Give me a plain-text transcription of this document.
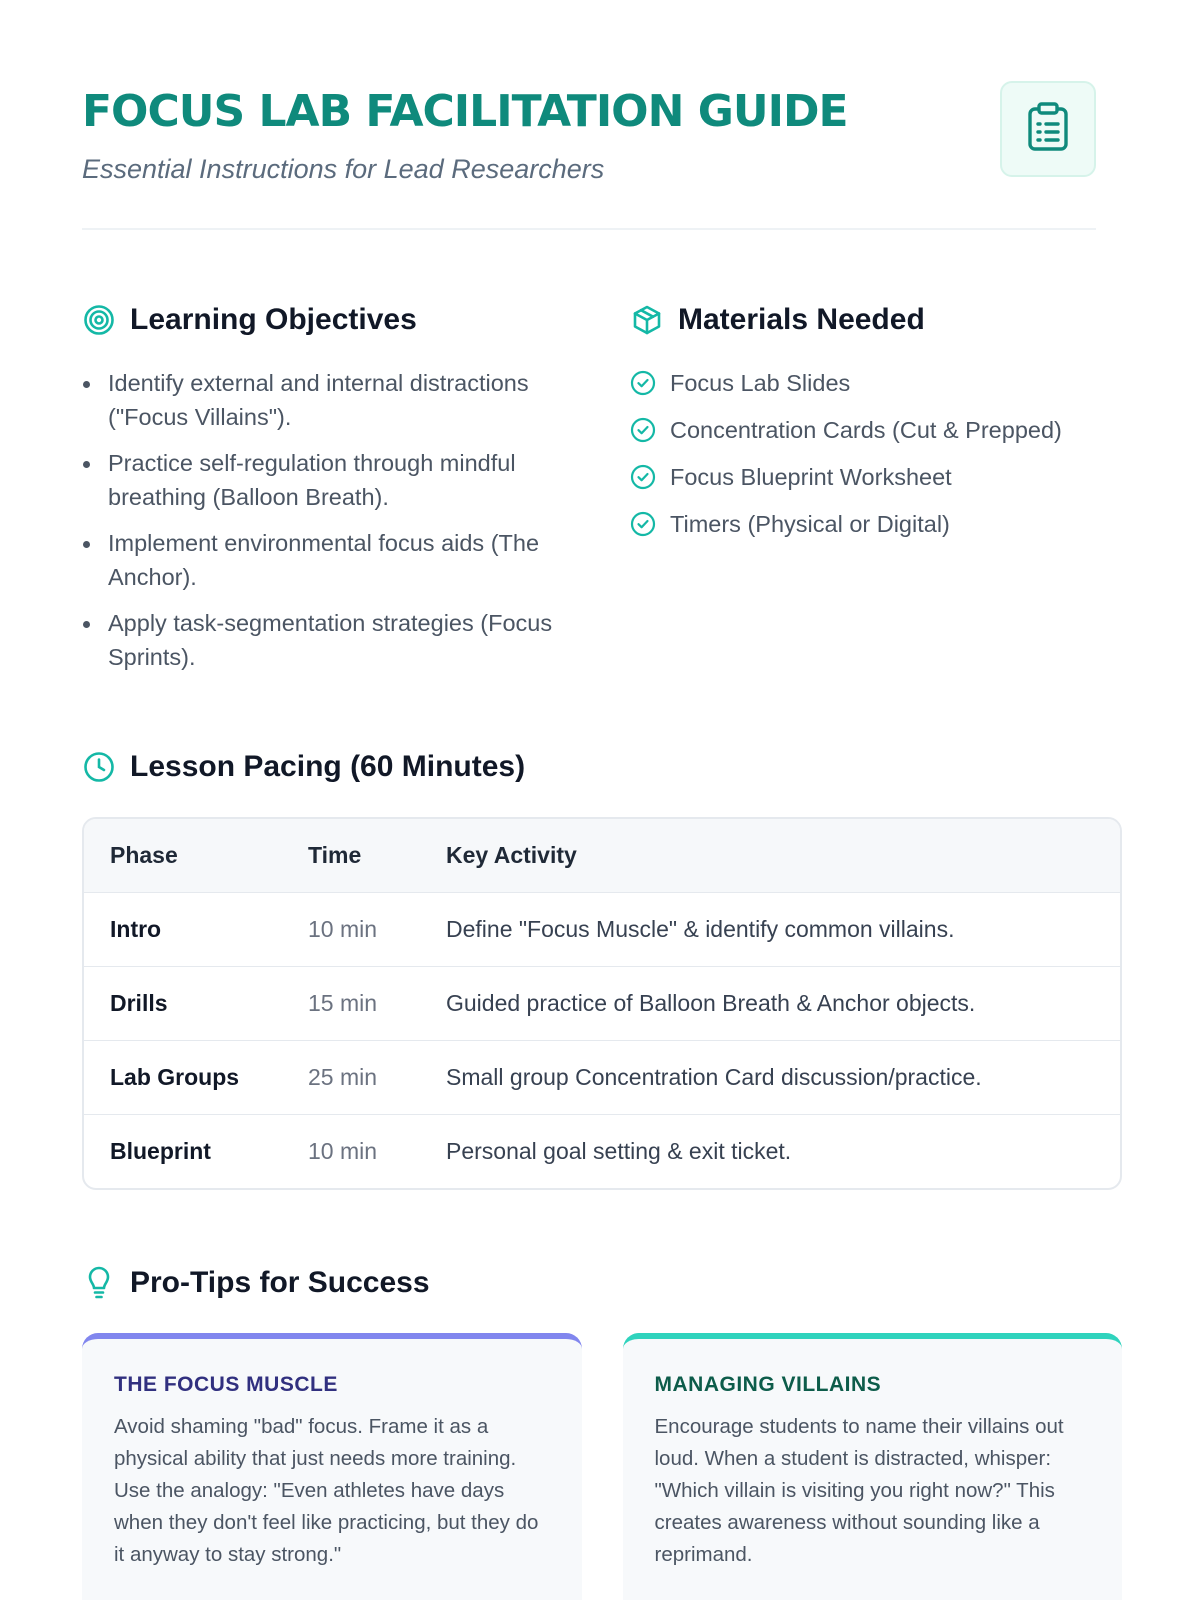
FOCUS LAB FACILITATION GUIDE
Essential Instructions for Lead Researchers
Learning Objectives
Identify external and internal distractions ("Focus Villains").
Practice self-regulation through mindful breathing (Balloon Breath).
Implement environmental focus aids (The Anchor).
Apply task-segmentation strategies (Focus Sprints).
Materials Needed
Focus Lab Slides
Concentration Cards (Cut & Prepped)
Focus Blueprint Worksheet
Timers (Physical or Digital)
Lesson Pacing (60 Minutes)
Phase	Time	Key Activity
Intro	10 min	Define "Focus Muscle" & identify common villains.
Drills	15 min	Guided practice of Balloon Breath & Anchor objects.
Lab Groups	25 min	Small group Concentration Card discussion/practice.
Blueprint	10 min	Personal goal setting & exit ticket.
Pro-Tips for Success
THE FOCUS MUSCLE

Avoid shaming "bad" focus. Frame it as a physical ability that just needs more training. Use the analogy: "Even athletes have days when they don't feel like practicing, but they do it anyway to stay strong."

MANAGING VILLAINS

Encourage students to name their villains out loud. When a student is distracted, whisper: "Which villain is visiting you right now?" This creates awareness without sounding like a reprimand.
